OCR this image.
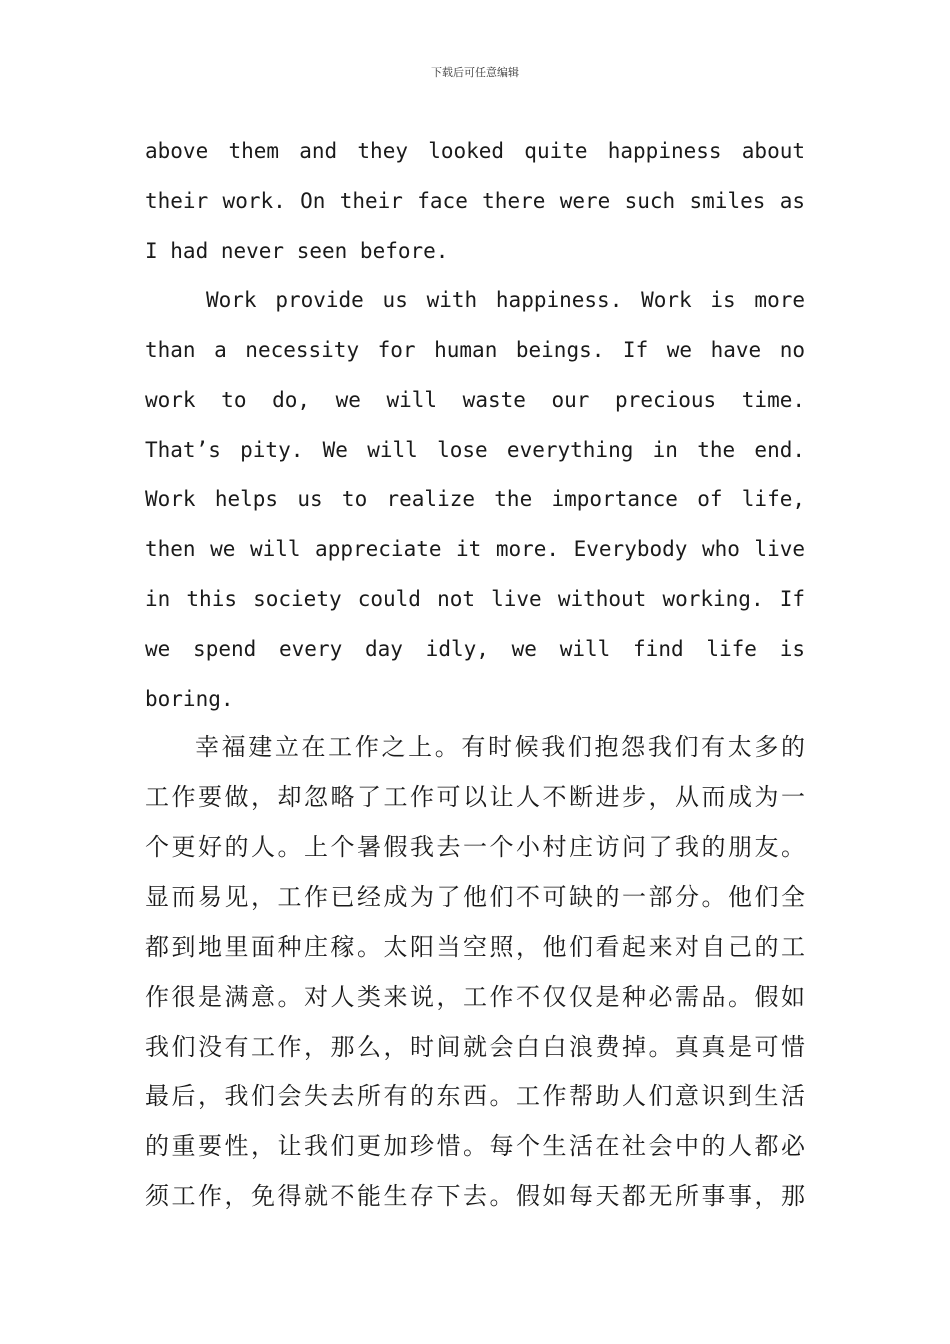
下载后可任意编辑
above them and they looked quite happiness about
their work. On their face there were such smiles as
I had never seen before.
Work provide us with happiness. Work is more
than a necessity for human beings. If we have no
work to do, we will waste our precious time.
That’s pity. We will lose everything in the end.
Work helps us to realize the importance of life,
then we will appreciate it more. Everybody who live
in this society could not live without working. If
we spend every day idly, we will find life is
boring.
幸福建立在工作之上。有时候我们抱怨我们有太多的
工作要做，却忽略了工作可以让人不断进步，从而成为一
个更好的人。上个暑假我去一个小村庄访问了我的朋友。
显而易见，工作已经成为了他们不可缺的一部分。他们全
都到地里面种庄稼。太阳当空照，他们看起来对自己的工
作很是满意。对人类来说，工作不仅仅是种必需品。假如
我们没有工作，那么，时间就会白白浪费掉。真真是可惜
最后，我们会失去所有的东西。工作帮助人们意识到生活
的重要性，让我们更加珍惜。每个生活在社会中的人都必
须工作，免得就不能生存下去。假如每天都无所事事，那
